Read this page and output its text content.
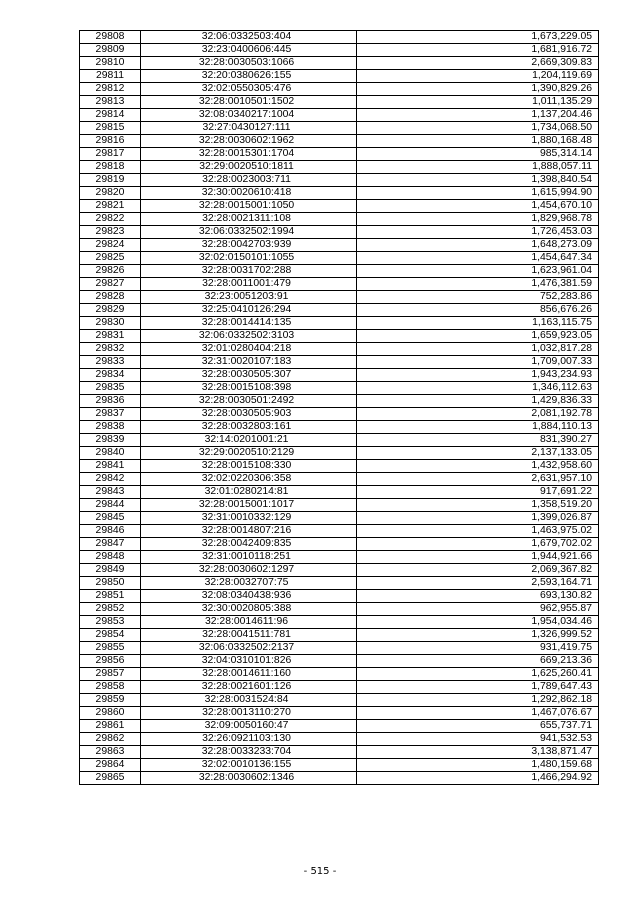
29808	32:06:0332503:404	1,673,229.05
29809	32:23:0400606:445	1,681,916.72
29810	32:28:0030503:1066	2,669,309.83
29811	32:20:0380626:155	1,204,119.69
29812	32:02:0550305:476	1,390,829.26
29813	32:28:0010501:1502	1,011,135.29
29814	32:08:0340217:1004	1,137,204.46
29815	32:27:0430127:111	1,734,068.50
29816	32:28:0030602:1962	1,880,168.48
29817	32:28:0015301:1704	985,314.14
29818	32:29:0020510:1811	1,888,057.11
29819	32:28:0023003:711	1,398,840.54
29820	32:30:0020610:418	1,615,994.90
29821	32:28:0015001:1050	1,454,670.10
29822	32:28:0021311:108	1,829,968.78
29823	32:06:0332502:1994	1,726,453.03
29824	32:28:0042703:939	1,648,273.09
29825	32:02:0150101:1055	1,454,647.34
29826	32:28:0031702:288	1,623,961.04
29827	32:28:0011001:479	1,476,381.59
29828	32:23:0051203:91	752,283.86
29829	32:25:0410126:294	856,676.26
29830	32:28:0014414:135	1,163,115.75
29831	32:06:0332502:3103	1,659,923.05
29832	32:01:0280404:218	1,032,817.28
29833	32:31:0020107:183	1,709,007.33
29834	32:28:0030505:307	1,943,234.93
29835	32:28:0015108:398	1,346,112.63
29836	32:28:0030501:2492	1,429,836.33
29837	32:28:0030505:903	2,081,192.78
29838	32:28:0032803:161	1,884,110.13
29839	32:14:0201001:21	831,390.27
29840	32:29:0020510:2129	2,137,133.05
29841	32:28:0015108:330	1,432,958.60
29842	32:02:0220306:358	2,631,957.10
29843	32:01:0280214:81	917,691.22
29844	32:28:0015001:1017	1,358,519.20
29845	32:31:0010332:129	1,399,026.87
29846	32:28:0014807:216	1,463,975.02
29847	32:28:0042409:835	1,679,702.02
29848	32:31:0010118:251	1,944,921.66
29849	32:28:0030602:1297	2,069,367.82
29850	32:28:0032707:75	2,593,164.71
29851	32:08:0340438:936	693,130.82
29852	32:30:0020805:388	962,955.87
29853	32:28:0014611:96	1,954,034.46
29854	32:28:0041511:781	1,326,999.52
29855	32:06:0332502:2137	931,419.75
29856	32:04:0310101:826	669,213.36
29857	32:28:0014611:160	1,625,260.41
29858	32:28:0021601:126	1,789,647.43
29859	32:28:0031524:84	1,292,862.18
29860	32:28:0013110:270	1,467,076.67
29861	32:09:0050160:47	655,737.71
29862	32:26:0921103:130	941,532.53
29863	32:28:0033233:704	3,138,871.47
29864	32:02:0010136:155	1,480,159.68
29865	32:28:0030602:1346	1,466,294.92
- 515 -
